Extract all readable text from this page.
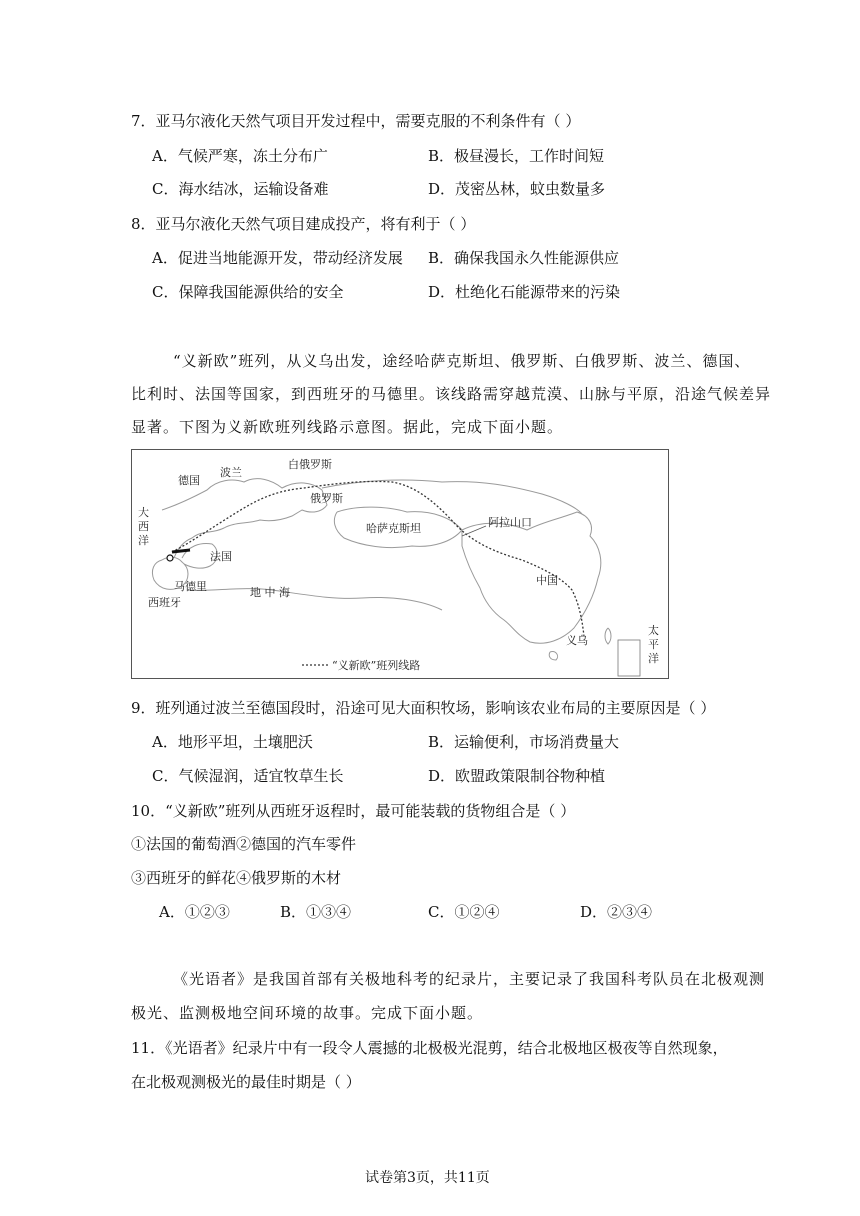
7．亚马尔液化天然气项目开发过程中，需要克服的不利条件有（ ）
A．气候严寒，冻土分布广	B．极昼漫长，工作时间短
C．海水结冰，运输设备难	D．茂密丛林，蚊虫数量多
8．亚马尔液化天然气项目建成投产，将有利于（ ）
A．促进当地能源开发，带动经济发展 B．确保我国永久性能源供应
C．保障我国能源供给的安全	D．杜绝化石能源带来的污染
“义新欧”班列，从义乌出发，途经哈萨克斯坦、俄罗斯、白俄罗斯、波兰、德国、
比利时、法国等国家，到西班牙的马德里。该线路需穿越荒漠、山脉与平原，沿途气候差异
显著。下图为义新欧班列线路示意图。据此，完成下面小题。
德国
波兰
白俄罗斯
俄罗斯
大
西
洋
法国
哈萨克斯坦	阿拉山口
马德里
西班牙
地 中 海
中国
义乌
太
平
洋
“义新欧”班列线路
9．班列通过波兰至德国段时，沿途可见大面积牧场，影响该农业布局的主要原因是（ ）
A．地形平坦，土壤肥沃	B．运输便利，市场消费量大
C．气候湿润，适宜牧草生长	D．欧盟政策限制谷物种植
10．“义新欧”班列从西班牙返程时，最可能装载的货物组合是（ ）
①法国的葡萄酒②德国的汽车零件
③西班牙的鲜花④俄罗斯的木材
A．①②③	B．①③④	C．①②④	D．②③④
《光语者》是我国首部有关极地科考的纪录片，主要记录了我国科考队员在北极观测
极光、监测极地空间环境的故事。完成下面小题。
11．《光语者》纪录片中有一段令人震撼的北极极光混剪，结合北极地区极夜等自然现象，
在北极观测极光的最佳时期是（ ）
试卷第3页，共11页
